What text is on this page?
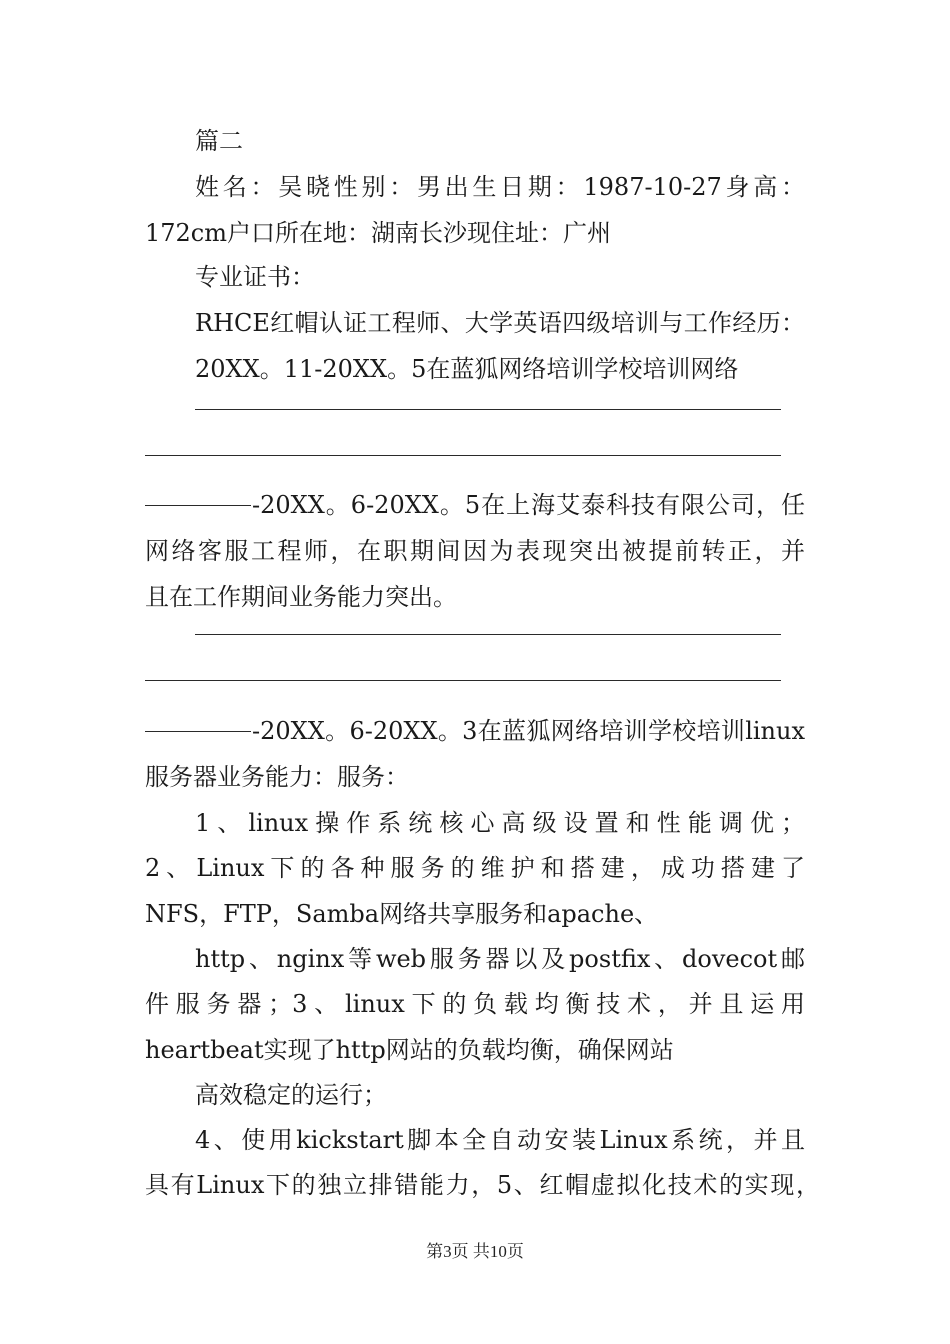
篇二
姓名：吴晓性别：男出生日期：1987-10-27身高：
172cm户口所在地：湖南长沙现住址：广州
专业证书：
RHCE红帽认证工程师、大学英语四级培训与工作经历：
20XX。11-20XX。5在蓝狐网络培训学校培训网络
-20XX。6-20XX。5在上海艾泰科技有限公司，任
网络客服工程师，在职期间因为表现突出被提前转正，并
且在工作期间业务能力突出。
-20XX。6-20XX。3在蓝狐网络培训学校培训linux
服务器业务能力：服务：
1、linux操作系统核心高级设置和性能调优；
2、Linux下的各种服务的维护和搭建，成功搭建了
NFS，FTP，Samba网络共享服务和apache、
http、nginx等web服务器以及postfix、dovecot邮
件服务器；3、linux下的负载均衡技术，并且运用
heartbeat实现了http网站的负载均衡，确保网站
高效稳定的运行；
4、使用kickstart脚本全自动安装Linux系统，并且
具有Linux下的独立排错能力，5、红帽虚拟化技术的实现，
第3页 共10页
